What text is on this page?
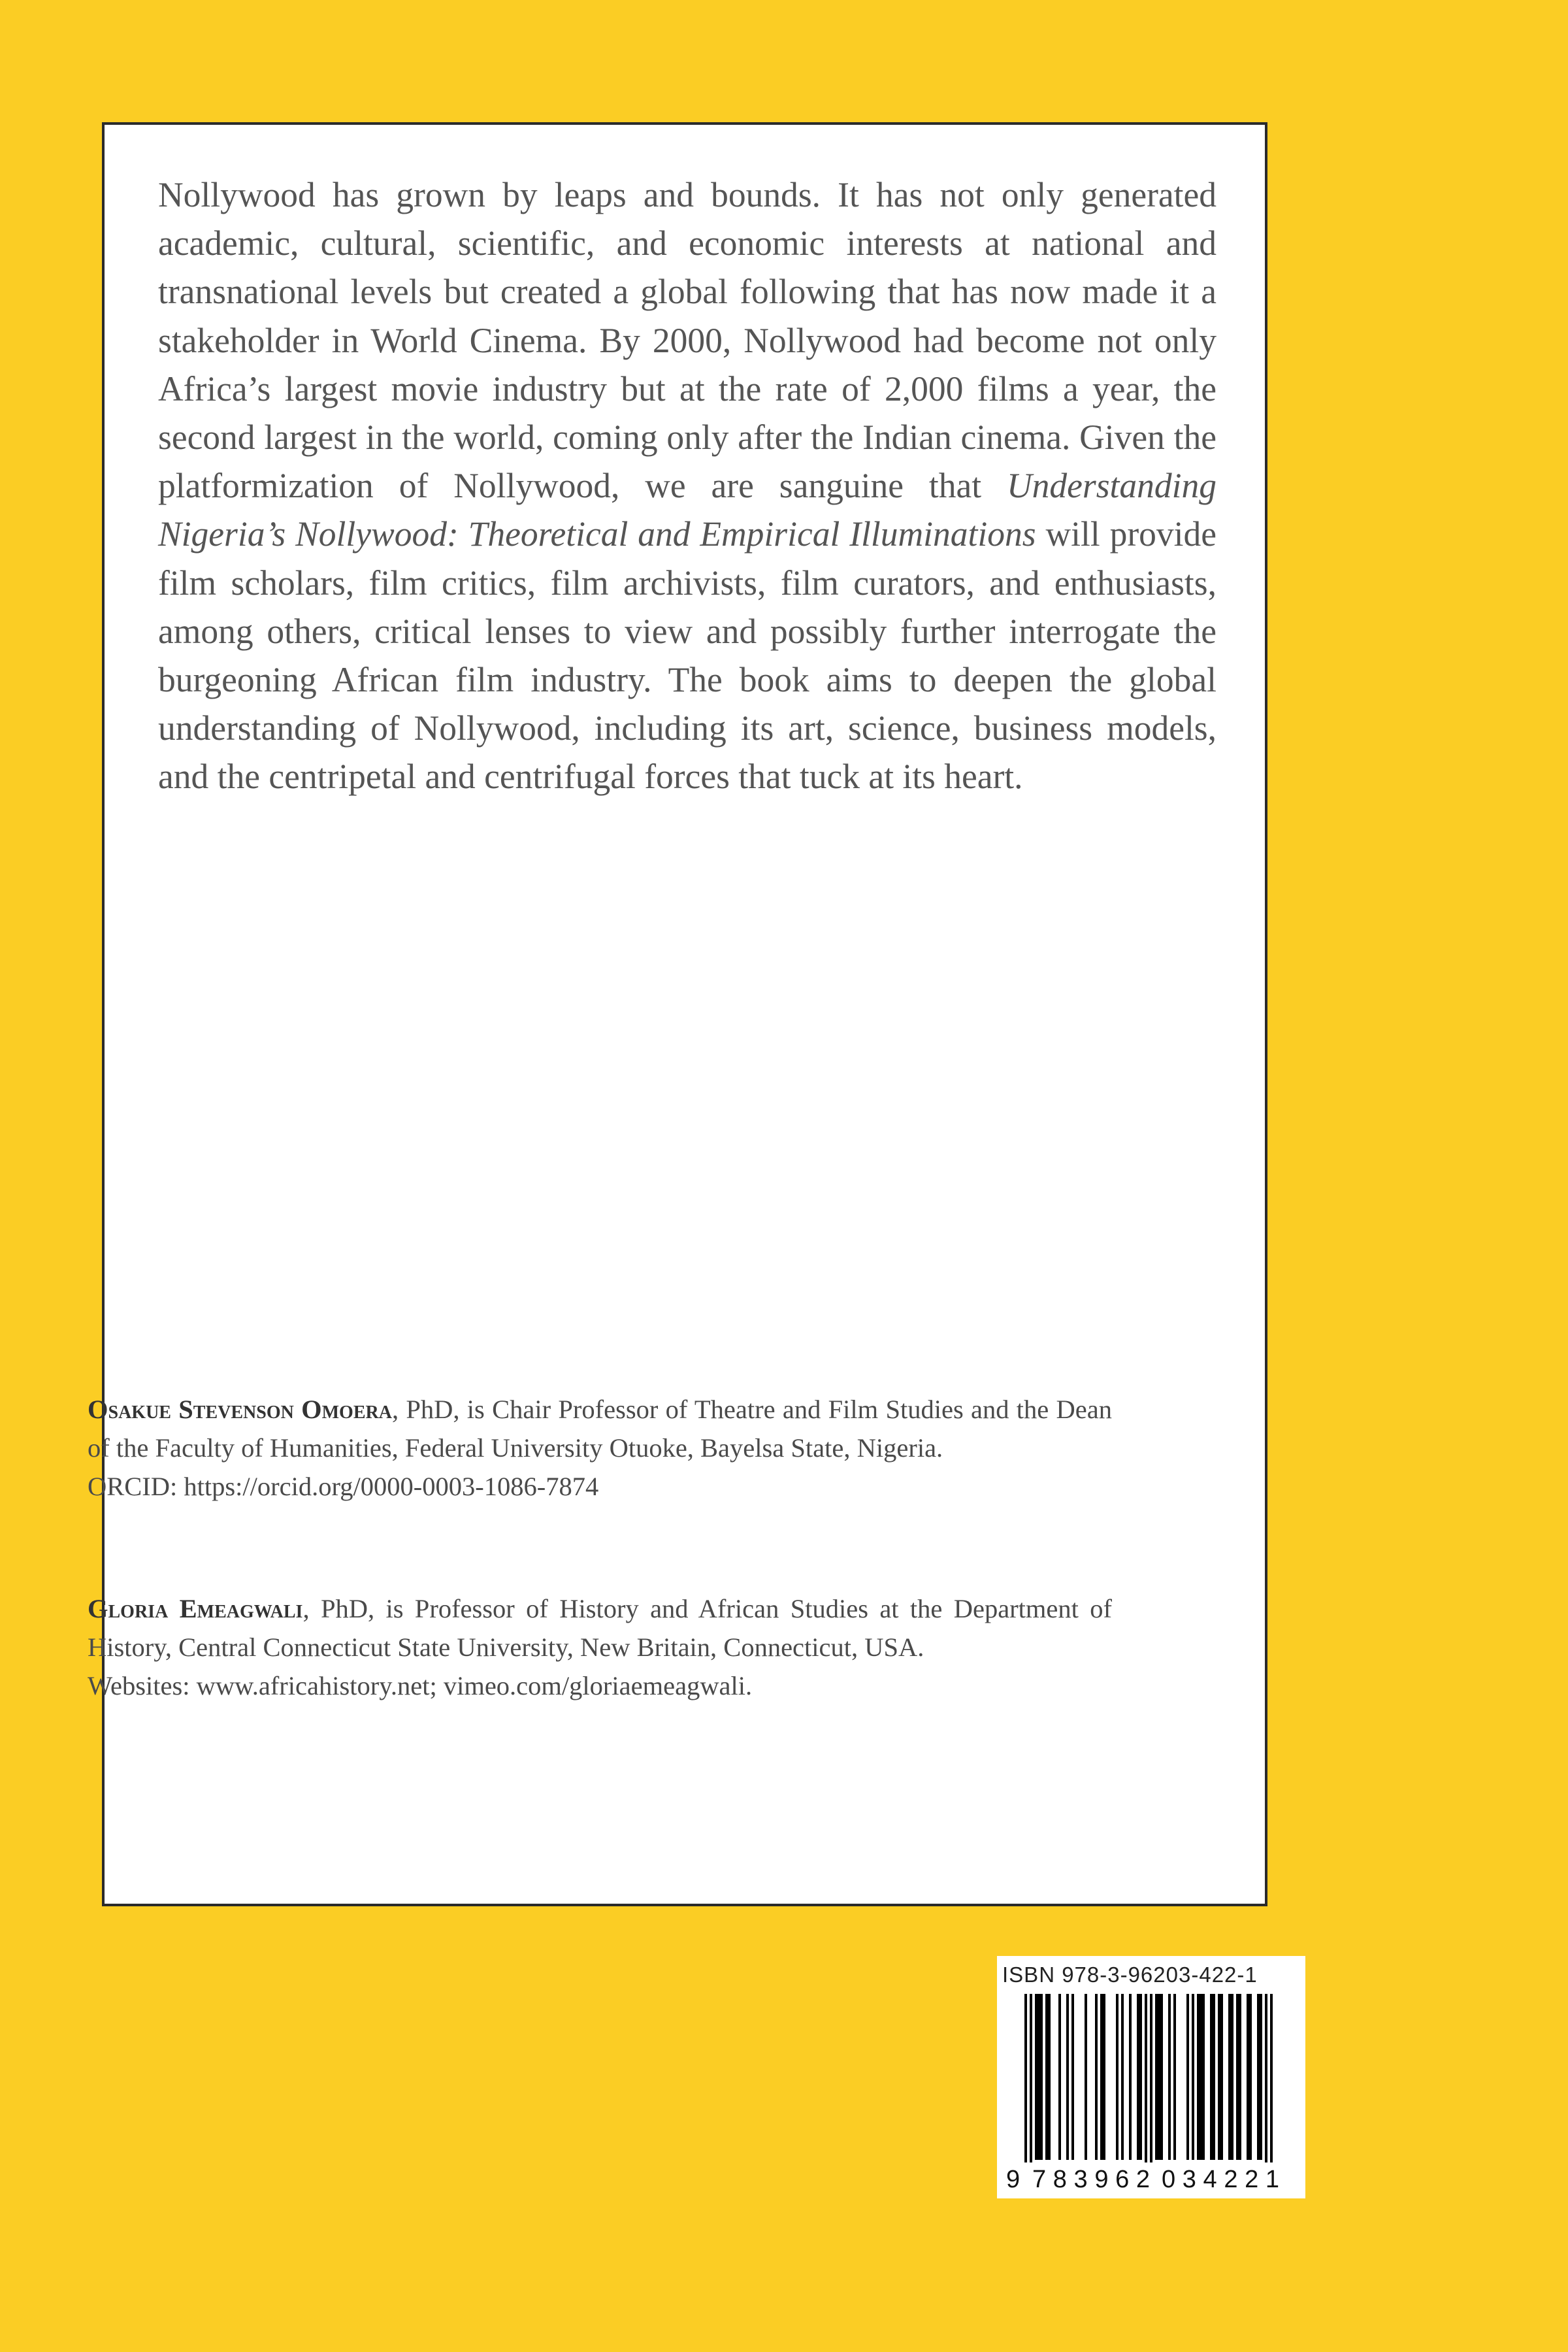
Nollywood has grown by leaps and bounds. It has not only generated academic, cultural, scientific, and economic interests at national and transnational levels but created a global following that has now made it a stakeholder in World Cinema. By 2000, Nollywood had become not only Africa’s largest movie industry but at the rate of 2,000 films a year, the second largest in the world, coming only after the Indian cinema. Given the platformization of Nollywood, we are sanguine that Understanding Nigeria’s Nollywood: Theoretical and Empirical Illuminations will provide film scholars, film critics, film archivists, film curators, and enthusiasts, among others, critical lenses to view and possibly further interrogate the burgeoning African film industry. The book aims to deepen the global understanding of Nollywood, including its art, science, business models, and the centripetal and centrifugal forces that tuck at its heart.

Osakue Stevenson Omoera, PhD, is Chair Professor of Theatre and Film Studies and the Dean of the Faculty of Humanities, Federal University Otuoke, Bayelsa State, Nigeria.
ORCID: https://orcid.org/0000-0003-1086-7874

Gloria Emeagwali, PhD, is Professor of History and African Studies at the Department of History, Central Connecticut State University, New Britain, Connecticut, USA.
Websites: www.africahistory.net; vimeo.com/gloriaemeagwali.

ISBN 978-3-96203-422-1
9 783962 034221
